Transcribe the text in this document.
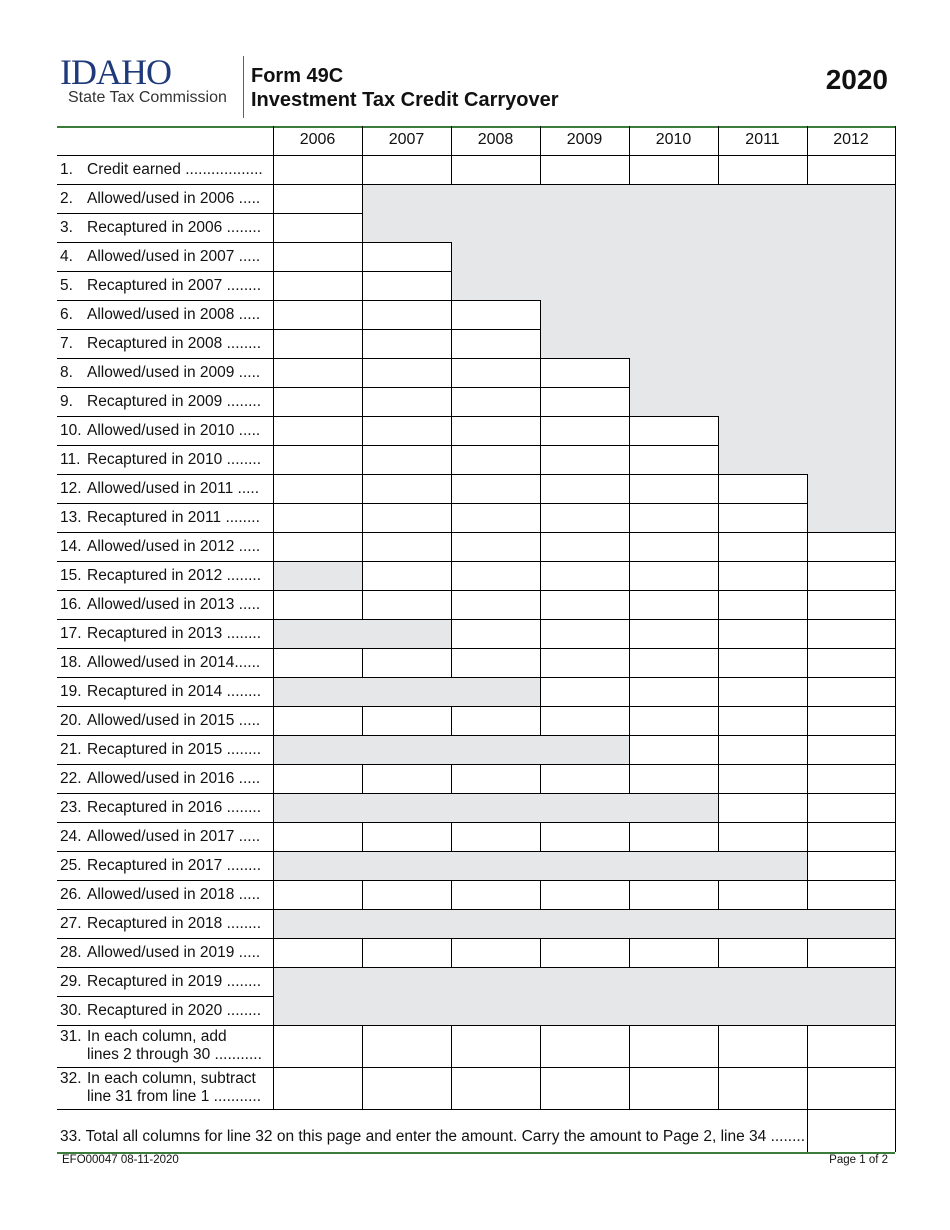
IDAHO
State Tax Commission
Form 49C
Investment Tax Credit Carryover
2020
2006	2007	2008	2009	2010	2011	2012
1. Credit earned ..................
2. Allowed/used in 2006 .....
3. Recaptured in 2006 ........
4. Allowed/used in 2007 .....
5. Recaptured in 2007 ........
6. Allowed/used in 2008 .....
7. Recaptured in 2008 ........
8. Allowed/used in 2009 .....
9. Recaptured in 2009 ........
10. Allowed/used in 2010 .....
11. Recaptured in 2010 ........
12. Allowed/used in 2011 .....
13. Recaptured in 2011 ........
14. Allowed/used in 2012 .....
15. Recaptured in 2012 ........
16. Allowed/used in 2013 .....
17. Recaptured in 2013 ........
18. Allowed/used in 2014......
19. Recaptured in 2014 ........
20. Allowed/used in 2015 .....
21. Recaptured in 2015 ........
22. Allowed/used in 2016 .....
23. Recaptured in 2016 ........
24. Allowed/used in 2017 .....
25. Recaptured in 2017 ........
26. Allowed/used in 2018 .....
27. Recaptured in 2018 ........
28. Allowed/used in 2019 .....
29. Recaptured in 2019 ........
30. Recaptured in 2020 ........
31. In each column, add
lines 2 through 30 ...........
32. In each column, subtract
line 31 from line 1 ...........
33. Total all columns for line 32 on this page and enter the amount. Carry the amount to Page 2, line 34 ........
EFO00047 08-11-2020	Page 1 of 2
